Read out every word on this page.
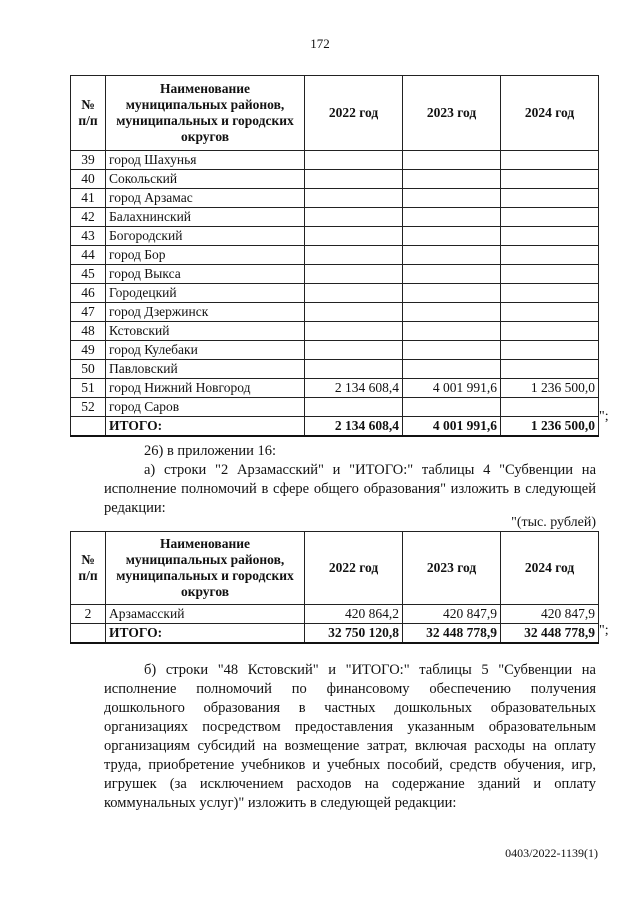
172
№ п/п	Наименование муниципальных районов, муниципальных и городских округов	2022 год	2023 год	2024 год
39	город Шахунья			
40	Сокольский			
41	город Арзамас			
42	Балахнинский			
43	Богородский			
44	город Бор			
45	город Выкса			
46	Городецкий			
47	город Дзержинск			
48	Кстовский			
49	город Кулебаки			
50	Павловский			
51	город Нижний Новгород	2 134 608,4	4 001 991,6	1 236 500,0
52	город Саров			
	ИТОГО:	2 134 608,4	4 001 991,6	1 236 500,0
";
26) в приложении 16:
а) строки "2 Арзамасский" и "ИТОГО:" таблицы 4 "Субвенции на исполнение полномочий в сфере общего образования" изложить в следующей редакции:
"(тыс. рублей)
№ п/п	Наименование муниципальных районов, муниципальных и городских округов	2022 год	2023 год	2024 год
2	Арзамасский	420 864,2	420 847,9	420 847,9
	ИТОГО:	32 750 120,8	32 448 778,9	32 448 778,9 ";
б) строки "48 Кстовский" и "ИТОГО:" таблицы 5 "Субвенции на исполнение полномочий по финансовому обеспечению получения дошкольного образования в частных дошкольных образовательных организациях посредством предоставления указанным образовательным организациям субсидий на возмещение затрат, включая расходы на оплату труда, приобретение учебников и учебных пособий, средств обучения, игр, игрушек (за исключением расходов на содержание зданий и оплату коммунальных услуг)" изложить в следующей редакции:
0403/2022-1139(1)
